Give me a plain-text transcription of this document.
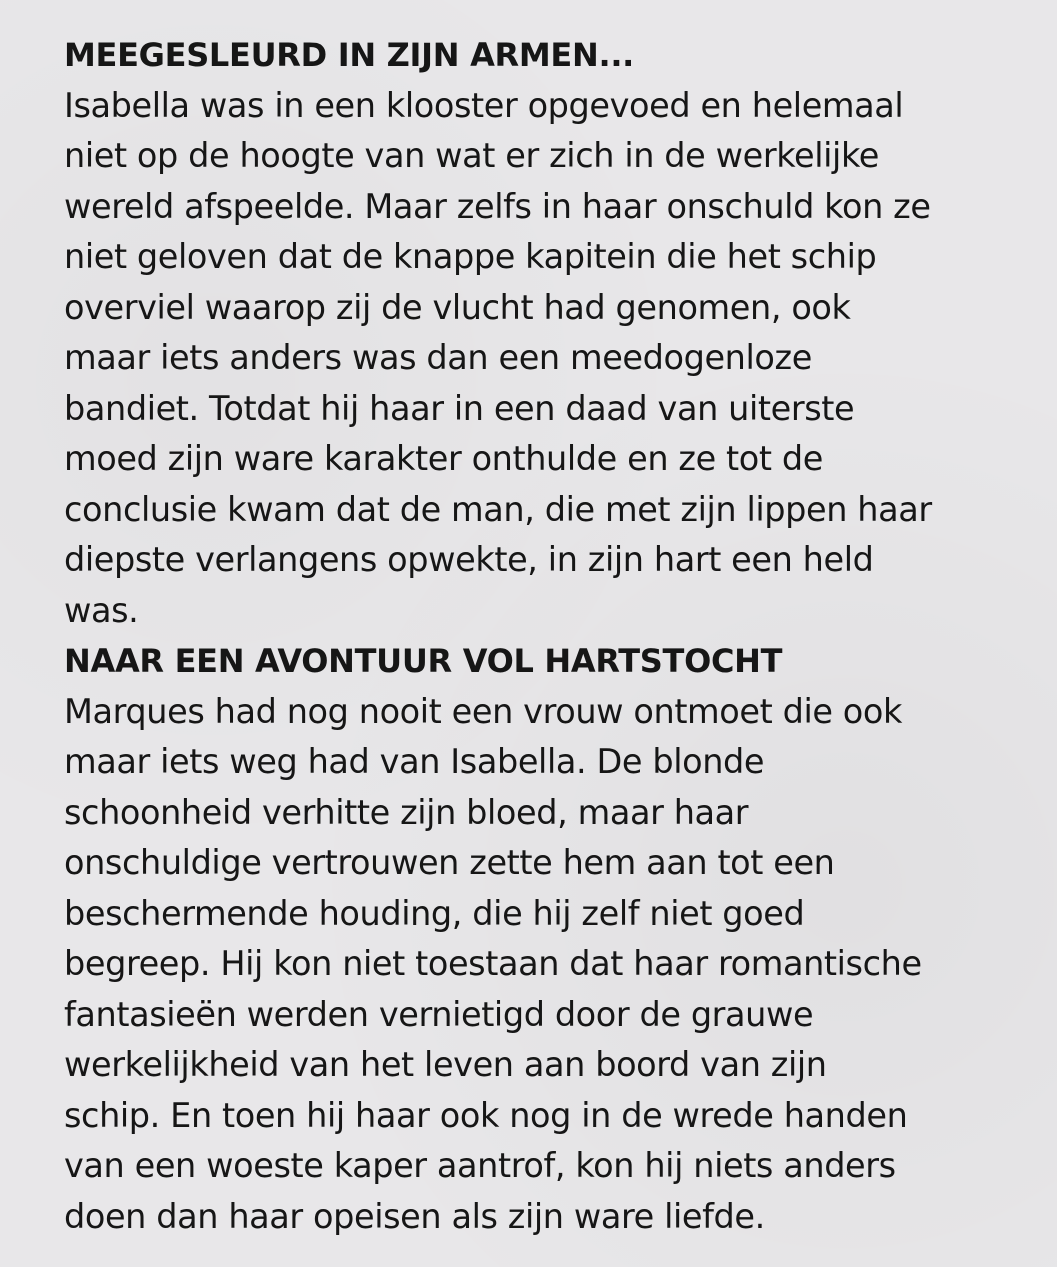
MEEGESLEURD IN ZIJN ARMEN...
Isabella was in een klooster opgevoed en helemaal
niet op de hoogte van wat er zich in de werkelijke
wereld afspeelde. Maar zelfs in haar onschuld kon ze
niet geloven dat de knappe kapitein die het schip
overviel waarop zij de vlucht had genomen, ook
maar iets anders was dan een meedogenloze
bandiet. Totdat hij haar in een daad van uiterste
moed zijn ware karakter onthulde en ze tot de
conclusie kwam dat de man, die met zijn lippen haar
diepste verlangens opwekte, in zijn hart een held
was.
NAAR EEN AVONTUUR VOL HARTSTOCHT
Marques had nog nooit een vrouw ontmoet die ook
maar iets weg had van Isabella. De blonde
schoonheid verhitte zijn bloed, maar haar
onschuldige vertrouwen zette hem aan tot een
beschermende houding, die hij zelf niet goed
begreep. Hij kon niet toestaan dat haar romantische
fantasieën werden vernietigd door de grauwe
werkelijkheid van het leven aan boord van zijn
schip. En toen hij haar ook nog in de wrede handen
van een woeste kaper aantrof, kon hij niets anders
doen dan haar opeisen als zijn ware liefde.
